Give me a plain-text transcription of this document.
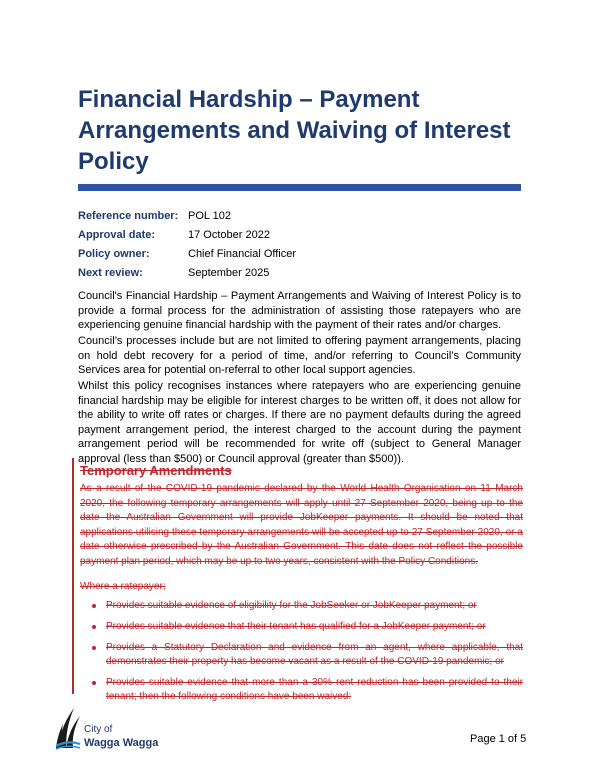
Financial Hardship – Payment Arrangements and Waiving of Interest Policy
Reference number: POL 102
Approval date:	17 October 2022
Policy owner:	Chief Financial Officer
Next review:	September 2025

Council's Financial Hardship – Payment Arrangements and Waiving of Interest Policy is to provide a formal process for the administration of assisting those ratepayers who are experiencing genuine financial hardship with the payment of their rates and/or charges.

Council’s processes include but are not limited to offering payment arrangements, placing on hold debt recovery for a period of time, and/or referring to Council’s Community Services area for potential on-referral to other local support agencies.

Whilst this policy recognises instances where ratepayers who are experiencing genuine financial hardship may be eligible for interest charges to be written off, it does not allow for the ability to write off rates or charges. If there are no payment defaults during the agreed payment arrangement period, the interest charged to the account during the payment arrangement period will be recommended for write off (subject to General Manager approval (less than $500) or Council approval (greater than $500)).

Temporary Amendments

As a result of the COVID-19 pandemic declared by the World Health Organisation on 11 March 2020, the following temporary arrangements will apply until 27 September 2020, being up to the date the Australian Government will provide JobKeeper payments. It should be noted that applications utilising these temporary arrangements will be accepted up to 27 September 2020, or a date otherwise prescribed by the Australian Government. This date does not reflect the possible payment plan period, which may be up to two years, consistent with the Policy Conditions.

Where a ratepayer;

Provides suitable evidence of eligibility for the JobSeeker or JobKeeper payment; or
Provides suitable evidence that their tenant has qualified for a JobKeeper payment; or
Provides a Statutory Declaration and evidence from an agent, where applicable, that demonstrates their property has become vacant as a result of the COVID-19 pandemic; or
Provides suitable evidence that more than a 30% rent reduction has been provided to their tenant; then the following conditions have been waived:
City of
Wagga Wagga	Page 1 of 5
